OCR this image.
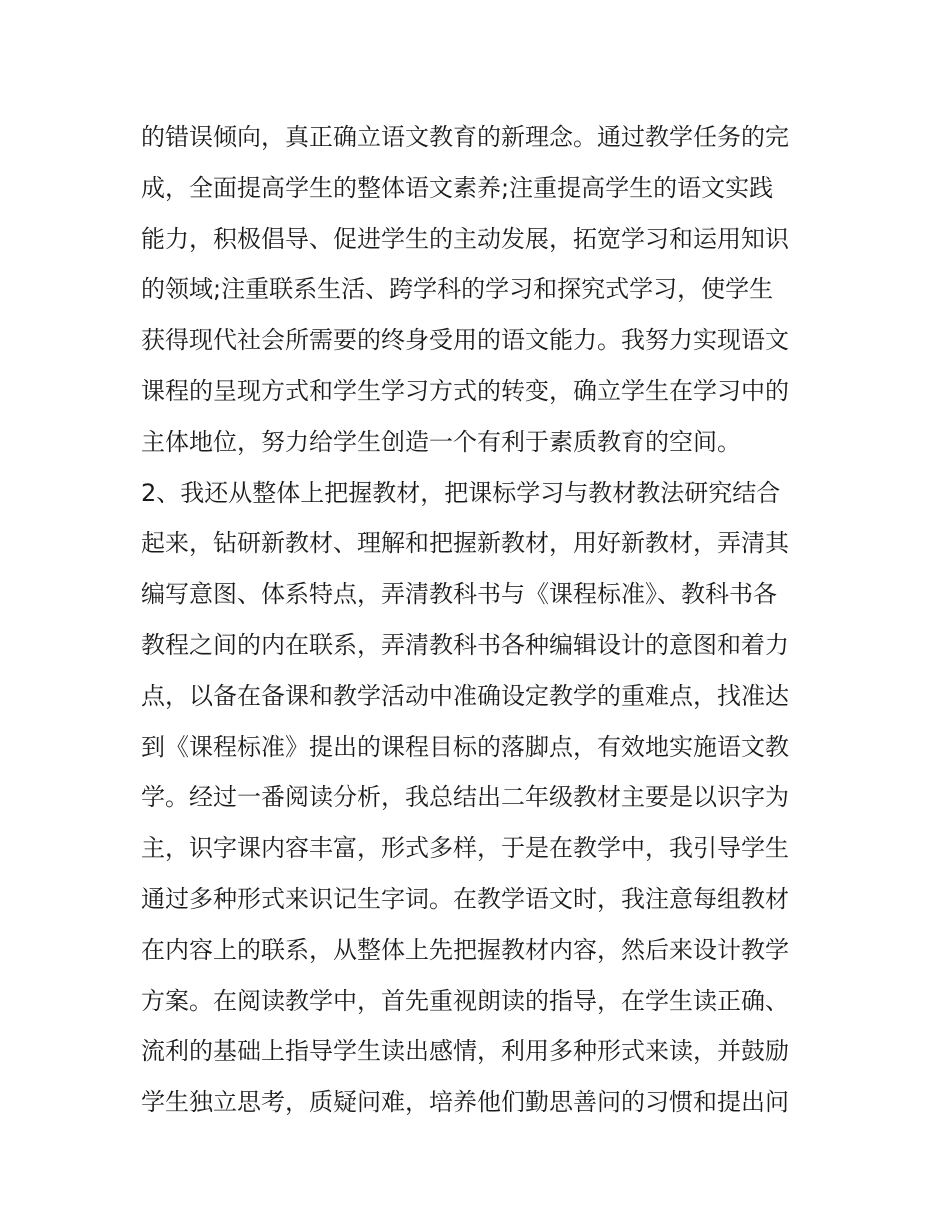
的错误倾向，真正确立语文教育的新理念。通过教学任务的完
成，全面提高学生的整体语文素养;注重提高学生的语文实践
能力，积极倡导、促进学生的主动发展，拓宽学习和运用知识
的领域;注重联系生活、跨学科的学习和探究式学习，使学生
获得现代社会所需要的终身受用的语文能力。我努力实现语文
课程的呈现方式和学生学习方式的转变，确立学生在学习中的
主体地位，努力给学生创造一个有利于素质教育的空间。
2、我还从整体上把握教材，把课标学习与教材教法研究结合
起来，钻研新教材、理解和把握新教材，用好新教材，弄清其
编写意图、体系特点，弄清教科书与《课程标准》、教科书各
教程之间的内在联系，弄清教科书各种编辑设计的意图和着力
点，以备在备课和教学活动中准确设定教学的重难点，找准达
到《课程标准》提出的课程目标的落脚点，有效地实施语文教
学。经过一番阅读分析，我总结出二年级教材主要是以识字为
主，识字课内容丰富，形式多样，于是在教学中，我引导学生
通过多种形式来识记生字词。在教学语文时，我注意每组教材
在内容上的联系，从整体上先把握教材内容，然后来设计教学
方案。在阅读教学中，首先重视朗读的指导，在学生读正确、
流利的基础上指导学生读出感情，利用多种形式来读，并鼓励
学生独立思考，质疑问难，培养他们勤思善问的习惯和提出问
